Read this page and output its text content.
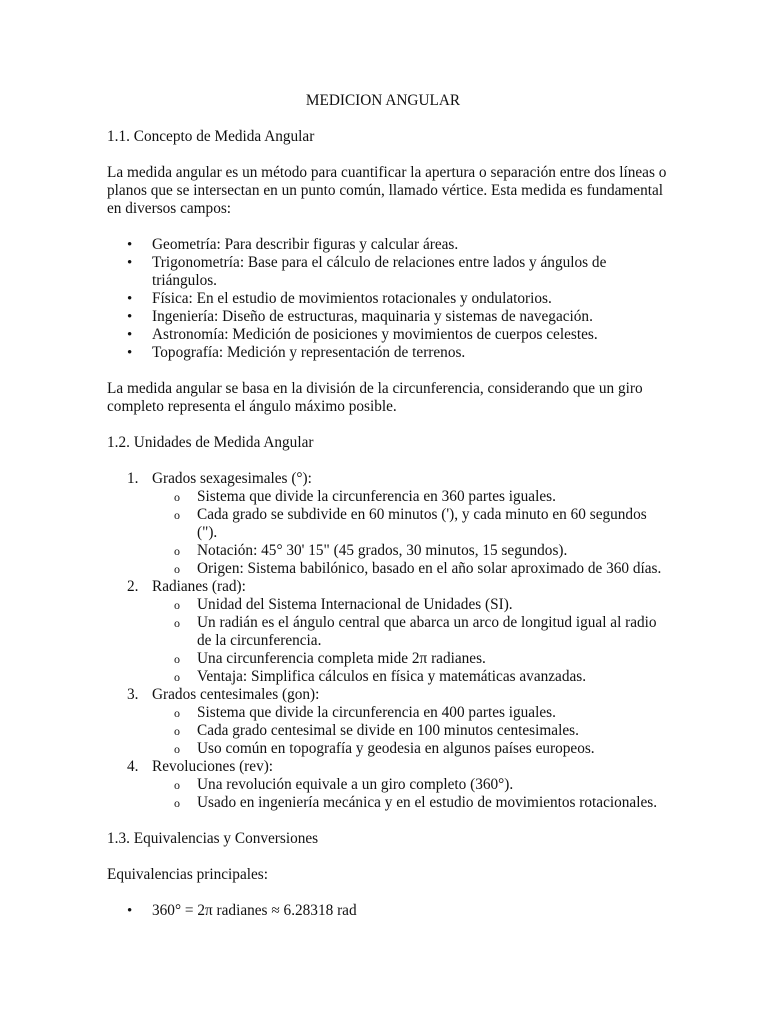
MEDICION ANGULAR
1.1. Concepto de Medida Angular

La medida angular es un método para cuantificar la apertura o separación entre dos líneas o planos que se intersectan en un punto común, llamado vértice. Esta medida es fundamental en diversos campos:

• Geometría: Para describir figuras y calcular áreas.
• Trigonometría: Base para el cálculo de relaciones entre lados y ángulos de triángulos.
• Física: En el estudio de movimientos rotacionales y ondulatorios.
• Ingeniería: Diseño de estructuras, maquinaria y sistemas de navegación.
• Astronomía: Medición de posiciones y movimientos de cuerpos celestes.
• Topografía: Medición y representación de terrenos.

La medida angular se basa en la división de la circunferencia, considerando que un giro completo representa el ángulo máximo posible.

1.2. Unidades de Medida Angular
1. Grados sexagesimales (°):
o Sistema que divide la circunferencia en 360 partes iguales.
o Cada grado se subdivide en 60 minutos ('), y cada minuto en 60 segundos (").
o Notación: 45° 30' 15" (45 grados, 30 minutos, 15 segundos).
o Origen: Sistema babilónico, basado en el año solar aproximado de 360 días.
2. Radianes (rad):
o Unidad del Sistema Internacional de Unidades (SI).
o Un radián es el ángulo central que abarca un arco de longitud igual al radio de la circunferencia.
o Una circunferencia completa mide 2π radianes.
o Ventaja: Simplifica cálculos en física y matemáticas avanzadas.
3. Grados centesimales (gon):
o Sistema que divide la circunferencia en 400 partes iguales.
o Cada grado centesimal se divide en 100 minutos centesimales.
o Uso común en topografía y geodesia en algunos países europeos.
4. Revoluciones (rev):
o Una revolución equivale a un giro completo (360°).
o Usado en ingeniería mecánica y en el estudio de movimientos rotacionales.
1.3. Equivalencias y Conversiones

Equivalencias principales:

• 360° = 2π radianes ≈ 6.28318 rad
